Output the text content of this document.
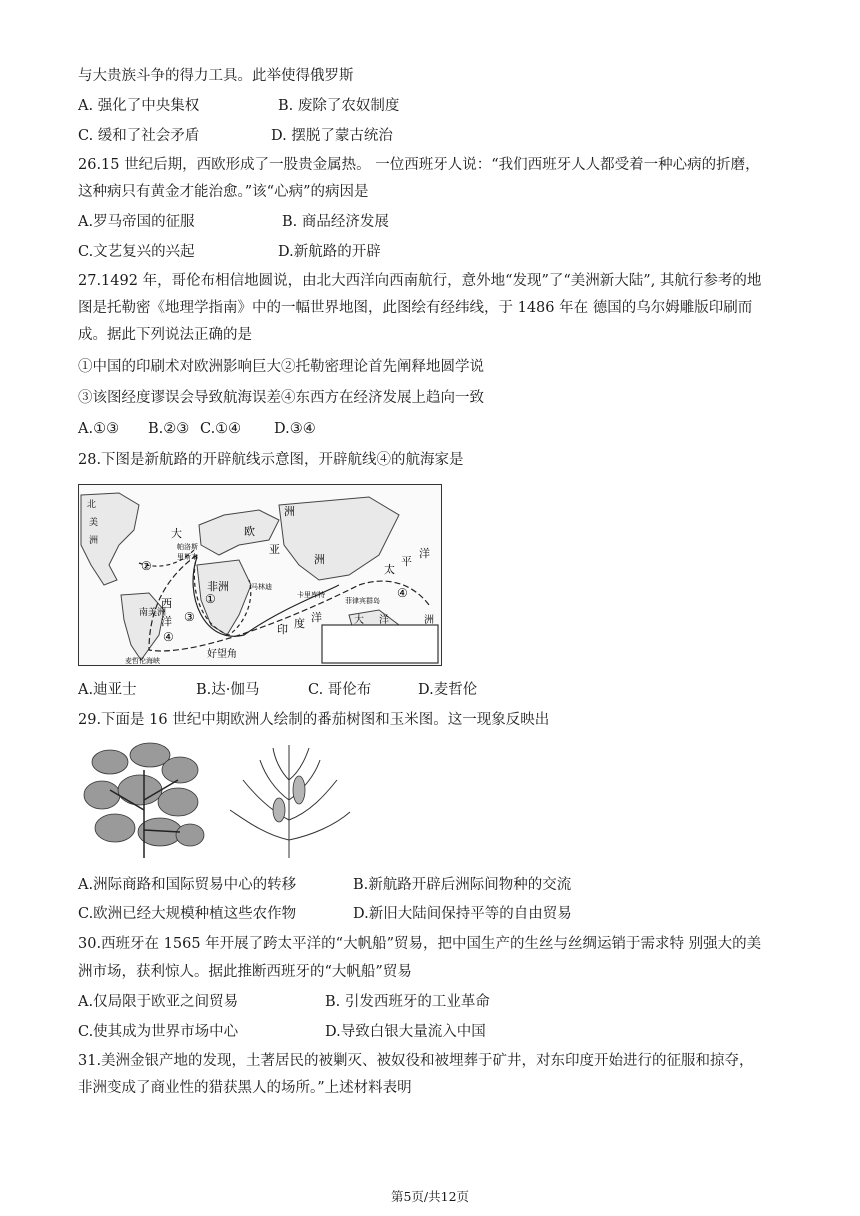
与大贵族斗争的得力工具。此举使得俄罗斯
A. 强化了中央集权	B. 废除了农奴制度
C. 缓和了社会矛盾	D. 摆脱了蒙古统治
26.15 世纪后期，西欧形成了一股贵金属热。 一位西班牙人说：“我们西班牙人人都受着一种心病的折磨，
这种病只有黄金才能治愈。”该“心病”的病因是
A.罗马帝国的征服	B. 商品经济发展
C.文艺复兴的兴起	D.新航路的开辟
27.1492 年，哥伦布相信地圆说，由北大西洋向西南航行，意外地“发现”了“美洲新大陆”, 其航行参考的地
图是托勒密《地理学指南》中的一幅世界地图，此图绘有经纬线，于 1486 年在 德国的乌尔姆雕版印刷而
成。据此下列说法正确的是
①中国的印刷术对欧洲影响巨大②托勒密理论首先阐释地圆学说
③该图经度谬误会导致航海误差④东西方在经济发展上趋向一致
A.①③ B.②③ C.①④ D.③④
28.下图是新航路的开辟航线示意图，开辟航线④的航海家是
北
美
洲
大
西
洋
帕洛斯
里斯本
欧
洲
亚
洲
非洲
太
平
洋
印 度 洋
南美洲
好望角
麦哲伦海峡
卡里库特
菲律宾群岛
马林迪
大 洋	洲
①
②
③
④
④
A.迪亚士	B.达·伽马	C. 哥伦布	D.麦哲伦
29.下面是 16 世纪中期欧洲人绘制的番茄树图和玉米图。这一现象反映出
A.洲际商路和国际贸易中心的转移	B.新航路开辟后洲际间物种的交流
C.欧洲已经大规模种植这些农作物	D.新旧大陆间保持平等的自由贸易
30.西班牙在 1565 年开展了跨太平洋的“大帆船”贸易，把中国生产的生丝与丝绸运销于需求特 别强大的美
洲市场，获利惊人。据此推断西班牙的“大帆船”贸易
A.仅局限于欧亚之间贸易	B. 引发西班牙的工业革命
C.使其成为世界市场中心	D.导致白银大量流入中国
31.美洲金银产地的发现，土著居民的被剿灭、被奴役和被埋葬于矿井，对东印度开始进行的征服和掠夺，
非洲变成了商业性的猎获黑人的场所。”上述材料表明
第5页/共12页
